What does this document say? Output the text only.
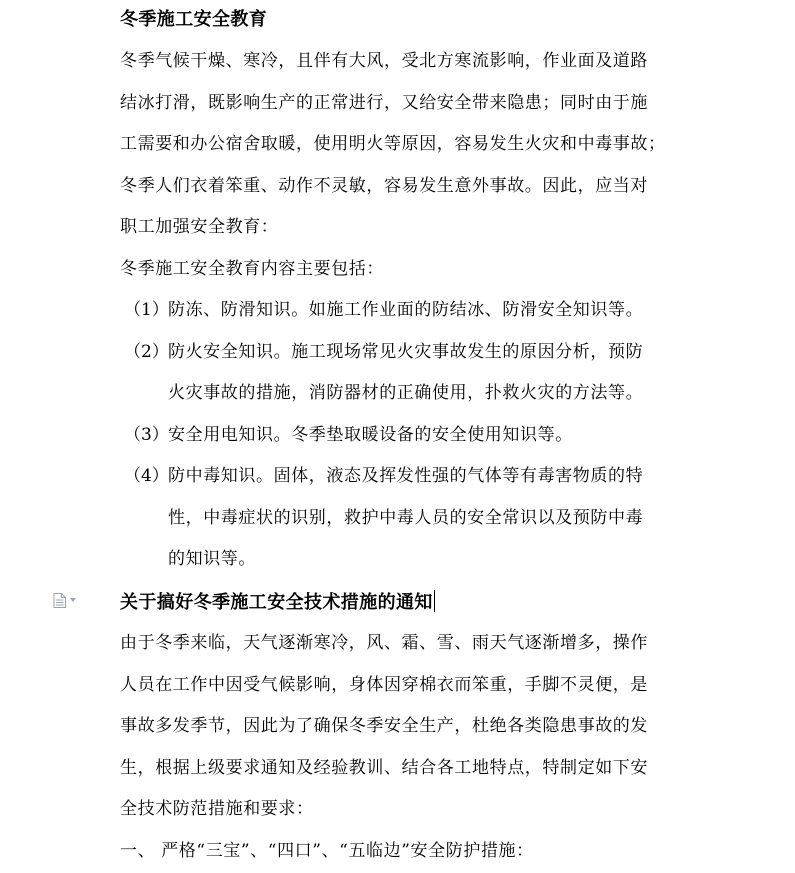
冬季施工安全教育
冬季气候干燥、寒冷，且伴有大风，受北方寒流影响，作业面及道路
结冰打滑，既影响生产的正常进行，又给安全带来隐患；同时由于施
工需要和办公宿舍取暖，使用明火等原因，容易发生火灾和中毒事故；
冬季人们衣着笨重、动作不灵敏，容易发生意外事故。因此，应当对
职工加强安全教育：
冬季施工安全教育内容主要包括：
（1） 防冻、防滑知识。如施工作业面的防结冰、防滑安全知识等。
（2） 防火安全知识。施工现场常见火灾事故发生的原因分析，预防
火灾事故的措施，消防器材的正确使用，扑救火灾的方法等。
（3） 安全用电知识。冬季垫取暖设备的安全使用知识等。
（4） 防中毒知识。固体，液态及挥发性强的气体等有毒害物质的特
性，中毒症状的识别，救护中毒人员的安全常识以及预防中毒
的知识等。
关于搞好冬季施工安全技术措施的通知
由于冬季来临，天气逐渐寒冷，风、霜、雪、雨天气逐渐增多，操作
人员在工作中因受气候影响，身体因穿棉衣而笨重，手脚不灵便，是
事故多发季节，因此为了确保冬季安全生产，杜绝各类隐患事故的发
生，根据上级要求通知及经验教训、结合各工地特点，特制定如下安
全技术防范措施和要求：
一、 严格“三宝”、“四口”、“五临边”安全防护措施：
